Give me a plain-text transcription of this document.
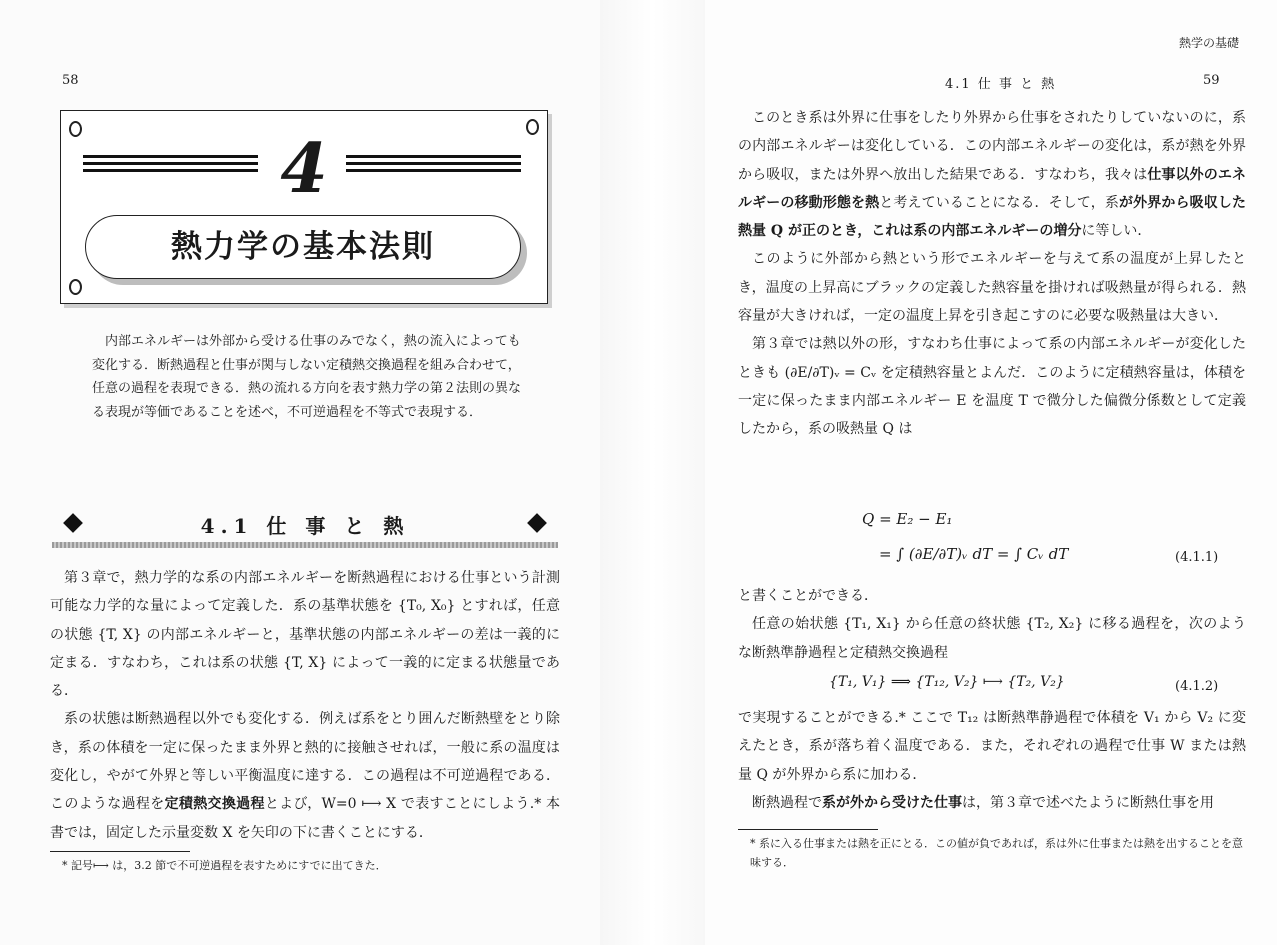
58
4
熱力学の基本法則

内部エネルギーは外部から受ける仕事のみでなく，熱の流入によっても変化する．断熱過程と仕事が関与しない定積熱交換過程を組み合わせて，任意の過程を表現できる．熱の流れる方向を表す熱力学の第２法則の異なる表現が等価であることを述べ，不可逆過程を不等式で表現する．

4.1 仕 事 と 熱

第３章で，熱力学的な系の内部エネルギーを断熱過程における仕事という計測可能な力学的な量によって定義した．系の基準状態を {T₀, X₀} とすれば，任意の状態 {T, X} の内部エネルギーと，基準状態の内部エネルギーの差は一義的に定まる．すなわち，これは系の状態 {T, X} によって一義的に定まる状態量である．

系の状態は断熱過程以外でも変化する．例えば系をとり囲んだ断熱壁をとり除き，系の体積を一定に保ったまま外界と熱的に接触させれば，一般に系の温度は変化し，やがて外界と等しい平衡温度に達する．この過程は不可逆過程である．このような過程を定積熱交換過程とよび，W=0 ⟼ X で表すことにしよう.* 本書では，固定した示量変数 X を矢印の下に書くことにする．

* 記号⟼ は，3.2 節で不可逆過程を表すためにすでに出てきた．
熱学の基礎
4.1 仕 事 と 熱	59

このとき系は外界に仕事をしたり外界から仕事をされたりしていないのに，系の内部エネルギーは変化している．この内部エネルギーの変化は，系が熱を外界から吸収，または外界へ放出した結果である．すなわち，我々は仕事以外のエネルギーの移動形態を熱と考えていることになる．そして，系が外界から吸収した熱量 Q が正のとき，これは系の内部エネルギーの増分に等しい．

このように外部から熱という形でエネルギーを与えて系の温度が上昇したとき，温度の上昇高にブラックの定義した熱容量を掛ければ吸熱量が得られる．熱容量が大きければ，一定の温度上昇を引き起こすのに必要な吸熱量は大きい．

第３章では熱以外の形，すなわち仕事によって系の内部エネルギーが変化したときも (∂E/∂T)ᵥ = Cᵥ を定積熱容量とよんだ．このように定積熱容量は，体積を一定に保ったまま内部エネルギー E を温度 T で微分した偏微分係数として定義したから，系の吸熱量 Q は

Q = E₂ − E₁
= ∫ (∂E/∂T)ᵥ dT = ∫ Cᵥ dT	(4.1.1)

と書くことができる．

任意の始状態 {T₁, X₁} から任意の終状態 {T₂, X₂} に移る過程を，次のような断熱準静過程と定積熱交換過程

{T₁, V₁} ⟹ {T₁₂, V₂} ⟼ {T₂, V₂}	(4.1.2)

で実現することができる.* ここで T₁₂ は断熱準静過程で体積を V₁ から V₂ に変えたとき，系が落ち着く温度である．また，それぞれの過程で仕事 W または熱量 Q が外界から系に加わる．

断熱過程で系が外から受けた仕事は，第３章で述べたように断熱仕事を用

* 系に入る仕事または熱を正にとる．この値が負であれば，系は外に仕事または熱を出することを意味する．
